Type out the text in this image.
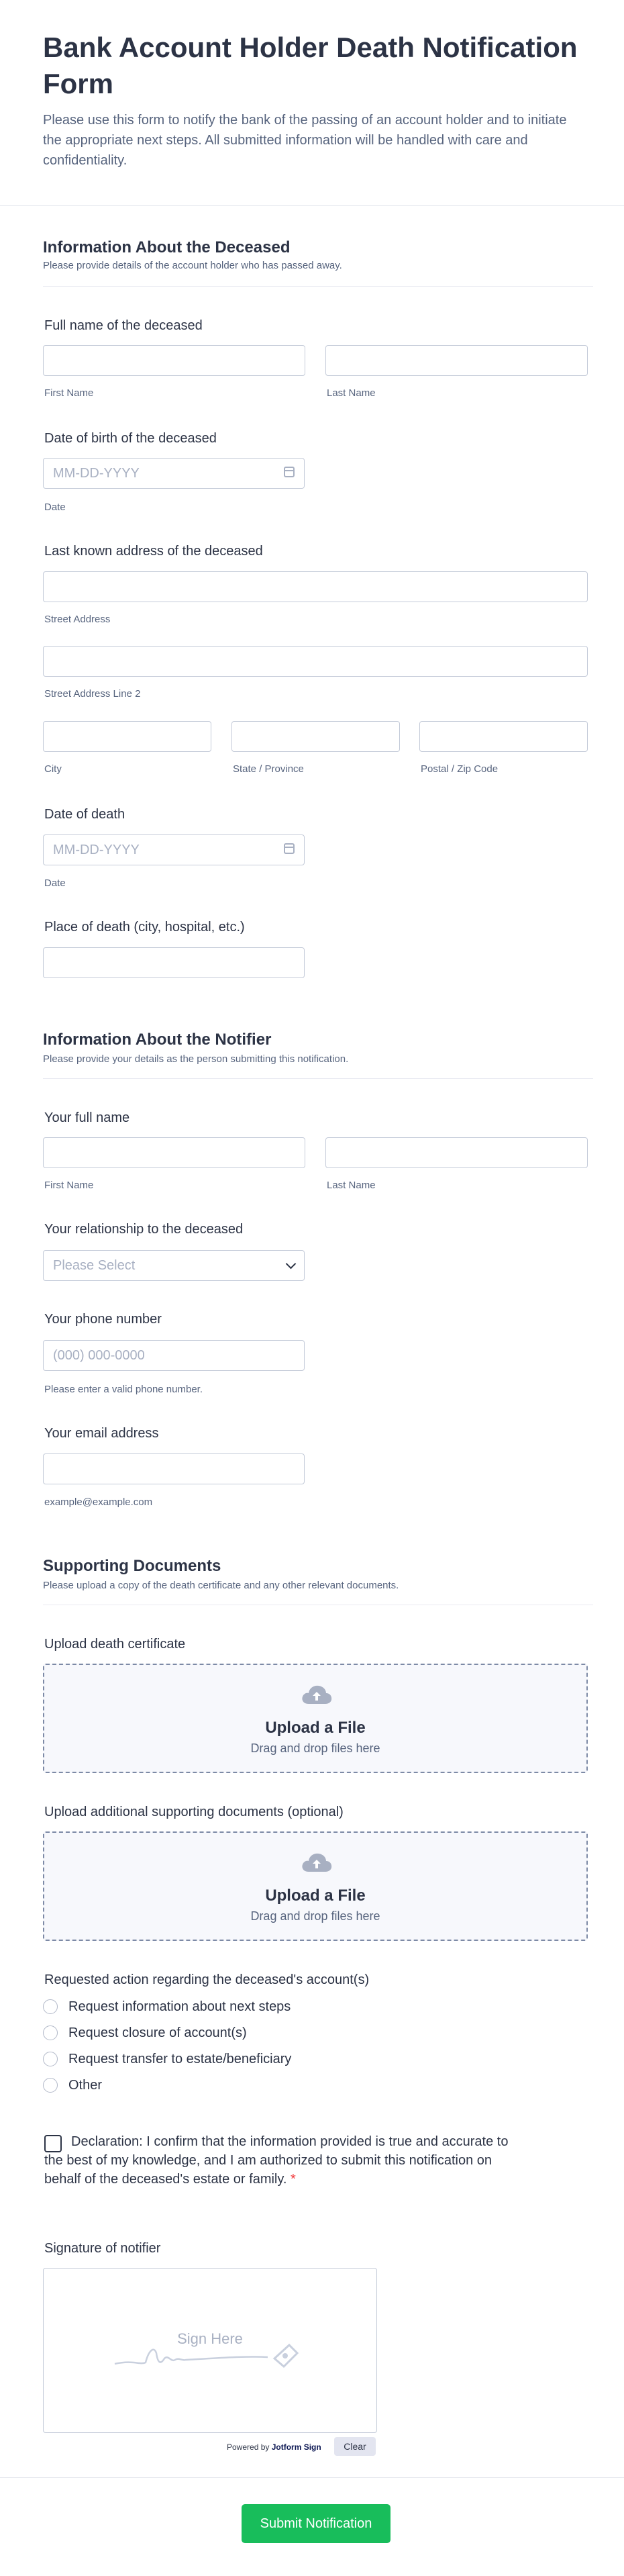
Bank Account Holder Death Notification Form
Please use this form to notify the bank of the passing of an account holder and to initiate the appropriate next steps. All submitted information will be handled with care and confidentiality.
Information About the Deceased
Please provide details of the account holder who has passed away.
Full name of the deceased
First Name	Last Name
Date of birth of the deceased
MM-DD-YYYY
Date
Last known address of the deceased
Street Address
Street Address Line 2
City	State / Province	Postal / Zip Code
Date of death
MM-DD-YYYY
Date
Place of death (city, hospital, etc.)
Information About the Notifier
Please provide your details as the person submitting this notification.
Your full name
First Name	Last Name
Your relationship to the deceased
Please Select
Your phone number
(000) 000-0000
Please enter a valid phone number.
Your email address
example@example.com
Supporting Documents
Please upload a copy of the death certificate and any other relevant documents.
Upload death certificate
Upload a File
Drag and drop files here
Upload additional supporting documents (optional)
Upload a File
Drag and drop files here
Requested action regarding the deceased's account(s)
Request information about next steps
Request closure of account(s)
Request transfer to estate/beneficiary
Other
Declaration: I confirm that the information provided is true and accurate to the best of my knowledge, and I am authorized to submit this notification on behalf of the deceased's estate or family. *
Signature of notifier
Sign Here
Powered by Jotform Sign	Clear
Submit Notification
